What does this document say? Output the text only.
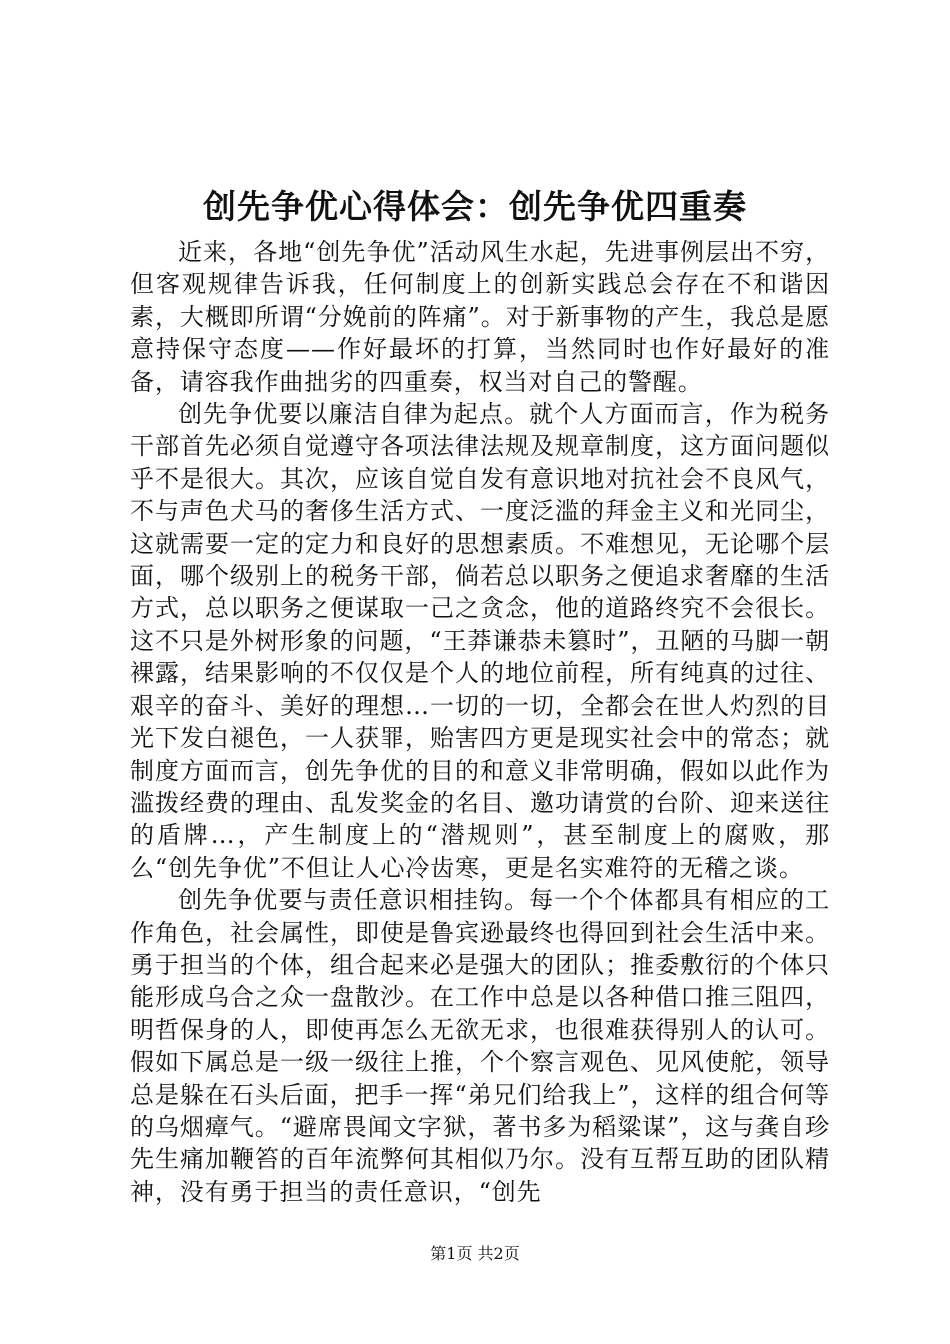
创先争优心得体会：创先争优四重奏

近来，各地“创先争优”活动风生水起，先进事例层出不穷，但客观规律告诉我，任何制度上的创新实践总会存在不和谐因素，大概即所谓“分娩前的阵痛”。对于新事物的产生，我总是愿意持保守态度——作好最坏的打算，当然同时也作好最好的准备，请容我作曲拙劣的四重奏，权当对自己的警醒。

创先争优要以廉洁自律为起点。就个人方面而言，作为税务干部首先必须自觉遵守各项法律法规及规章制度，这方面问题似乎不是很大。其次，应该自觉自发有意识地对抗社会不良风气，不与声色犬马的奢侈生活方式、一度泛滥的拜金主义和光同尘，这就需要一定的定力和良好的思想素质。不难想见，无论哪个层面，哪个级别上的税务干部，倘若总以职务之便追求奢靡的生活方式，总以职务之便谋取一己之贪念，他的道路终究不会很长。这不只是外树形象的问题，“王莽谦恭未篡时”，丑陋的马脚一朝裸露，结果影响的不仅仅是个人的地位前程，所有纯真的过往、艰辛的奋斗、美好的理想…一切的一切，全都会在世人灼烈的目光下发白褪色，一人获罪，贻害四方更是现实社会中的常态；就制度方面而言，创先争优的目的和意义非常明确，假如以此作为滥拨经费的理由、乱发奖金的名目、邀功请赏的台阶、迎来送往的盾牌…，产生制度上的“潜规则”，甚至制度上的腐败，那么“创先争优”不但让人心冷齿寒，更是名实难符的无稽之谈。

创先争优要与责任意识相挂钩。每一个个体都具有相应的工作角色，社会属性，即使是鲁宾逊最终也得回到社会生活中来。勇于担当的个体，组合起来必是强大的团队；推委敷衍的个体只能形成乌合之众一盘散沙。在工作中总是以各种借口推三阻四，明哲保身的人，即使再怎么无欲无求，也很难获得别人的认可。假如下属总是一级一级往上推，个个察言观色、见风使舵，领导总是躲在石头后面，把手一挥“弟兄们给我上”，这样的组合何等的乌烟瘴气。“避席畏闻文字狱，著书多为稻粱谋”，这与龚自珍先生痛加鞭笞的百年流弊何其相似乃尔。没有互帮互助的团队精神，没有勇于担当的责任意识，“创先

第1页 共2页
